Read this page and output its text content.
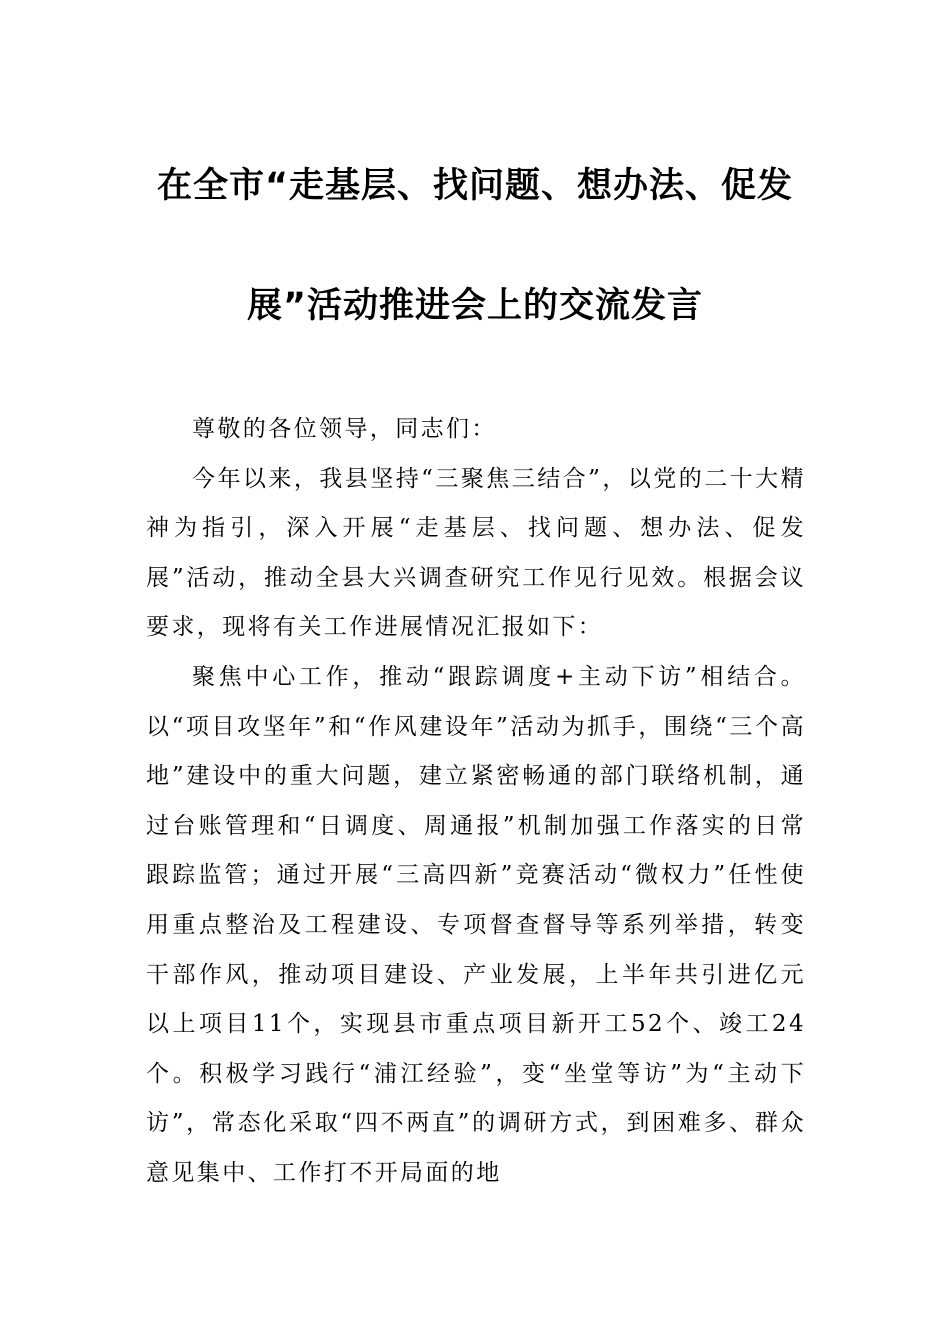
在全市“走基层、找问题、想办法、促发
展”活动推进会上的交流发言

尊敬的各位领导，同志们：

今年以来，我县坚持“三聚焦三结合”，以党的二十大精神为指引，深入开展“走基层、找问题、想办法、促发展”活动，推动全县大兴调查研究工作见行见效。根据会议要求，现将有关工作进展情况汇报如下：

聚焦中心工作，推动“跟踪调度+主动下访”相结合。以“项目攻坚年”和“作风建设年”活动为抓手，围绕“三个高地”建设中的重大问题，建立紧密畅通的部门联络机制，通过台账管理和“日调度、周通报”机制加强工作落实的日常跟踪监管；通过开展“三高四新”竞赛活动“微权力”任性使用重点整治及工程建设、专项督查督导等系列举措，转变干部作风，推动项目建设、产业发展，上半年共引进亿元以上项目11个，实现县市重点项目新开工52个、竣工24个。积极学习践行“浦江经验”，变“坐堂等访”为“主动下访”，常态化采取“四不两直”的调研方式，到困难多、群众意见集中、工作打不开局面的地
